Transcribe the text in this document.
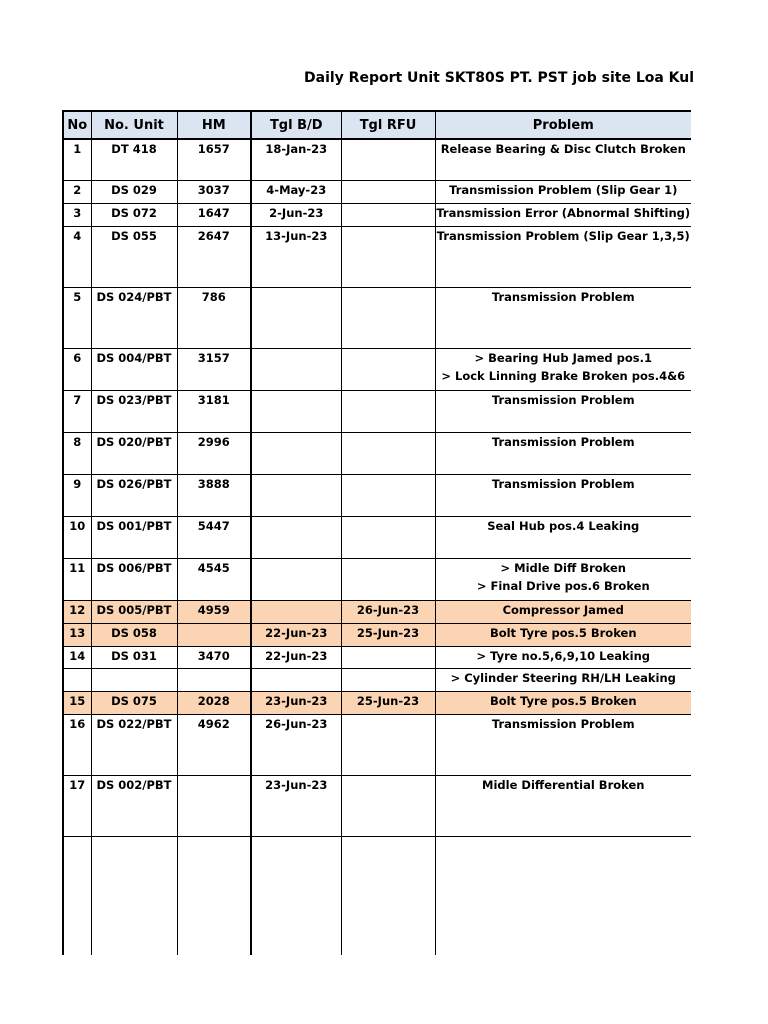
Daily Report Unit SKT80S PT. PST job site Loa Kul
No	No. Unit	HM	Tgl B/D	Tgl RFU	Problem
1	DT 418	1657	18-Jan-23		Release Bearing & Disc Clutch Broken

2	DS 029	3037	4-May-23		Transmission Problem (Slip Gear 1)

3	DS 072	1647	2-Jun-23		Transmission Error (Abnormal Shifting)

4	DS 055	2647	13-Jun-23		Transmission Problem (Slip Gear 1,3,5)

5	DS 024/PBT	786			Transmission Problem

6	DS 004/PBT	3157			> Bearing Hub Jamed pos.1
> Lock Linning Brake Broken pos.4&6

7	DS 023/PBT	3181			Transmission Problem

8	DS 020/PBT	2996			Transmission Problem

9	DS 026/PBT	3888			Transmission Problem

10	DS 001/PBT	5447			Seal Hub pos.4 Leaking

11	DS 006/PBT	4545			> Midle Diff Broken
> Final Drive pos.6 Broken

12	DS 005/PBT	4959		26-Jun-23	Compressor Jamed

13	DS 058		22-Jun-23	25-Jun-23	Bolt Tyre pos.5 Broken

14	DS 031	3470	22-Jun-23		> Tyre no.5,6,9,10 Leaking

					> Cylinder Steering RH/LH Leaking

15	DS 075	2028	23-Jun-23	25-Jun-23	Bolt Tyre pos.5 Broken

16	DS 022/PBT	4962	26-Jun-23		Transmission Problem

17	DS 002/PBT		23-Jun-23		Midle Differential Broken
